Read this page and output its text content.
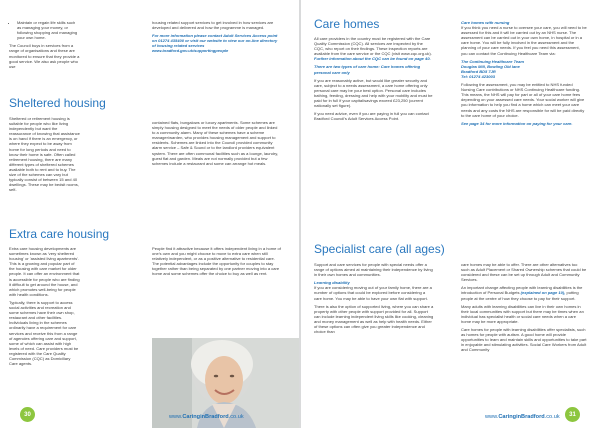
• Maintain or regain life skills such as managing your money, or following shopping and managing your own home.

The Council buys in services from a range of organisations and these are monitored to ensure that they provide a good service. We also ask people who use

Sheltered housing

Sheltered or retirement housing is suitable for people who like living independently but want the reassurance of knowing that assistance is on hand if there is an emergency, or where they expect to be away from home for long periods and need to know their home is safe. Often called retirement housing, there are many different types of sheltered schemes available both to rent and to buy. The size of the schemes can vary but typically consist of between 15 and 40 dwellings. These may be bedsit rooms, self-

Extra care housing

Extra care housing developments are sometimes known as 'very sheltered housing' or 'assisted living apartments'. This is a growing and popular part of the housing with care market for older people. It can offer an environment that is accessible for people who are finding it difficult to get around the house, and which promotes well-being for people with health conditions.

Typically, there is support to access social activities and recreation and some schemes have their own shop, restaurant and other facilities. Individuals living in the schemes ordinarily have a requirement for care services and receive this from a range of agencies offering care and support, some of which can assist with high levels of need. Care providers must be registered with the Care Quality Commission (CQC) as Domiciliary Care agents.

housing related support services to get involved in how services are developed and delivered and how the programme is managed.

For more information please contact Adult Services Access point on 01274 435400 or visit our website to view our on-line directory of housing related services www.bradford.gov.uk/supportingpeople

contained flats, bungalows or luxury apartments. Some schemes are simply housing designed to meet the needs of older people and linked to a community alarm. Many of these schemes have a scheme manager/warden, who provides housing management and support to residents. Schemes are linked into the Council provided community alarm service – Safe & Sound or to the landlord providers equivalent system. There are often communal facilities such as a lounge, laundry, guest flat and garden. Meals are not normally provided but a few schemes include a restaurant and some can arrange hot meals.

People find it attractive because it offers independent living in a home of one's own and you might choose to move to extra care when still relatively independent, or as a positive alternative to residential care. The potential advantages include the opportunity for couples to stay together rather than being separated by one partner moving into a care home and some schemes offer the choice to buy as well as rent.

30	www.CaringinBradford.co.uk
Care homes

All care providers in the country must be registered with the Care Quality Commission (CQC). All services are inspected by the CQC, who report on their findings. These inspection reports are available from the care service or the CQC (visit www.cqc.org.uk). Further information about the CQC can be found on page 40.

There are two types of care home: Care homes offering personal care only

If you are reasonably active, but would like greater security and care, subject to a needs assessment, a care home offering only personal care may be your best option. Personal care includes bathing, feeding, dressing and help with your mobility and must be paid for in full if your capital/savings exceed £23,250 (current nationally set figure).

If you need advice, even if you are paying in full you can contact Bradford Council's Adult Services Access Point.

Care homes with nursing

If you think you need a nurse to oversee your care, you will need to be assessed for this and it will be carried out by an NHS nurse. The assessment can be carried out in your own home, in hospital or in a care home. You will be fully involved in the assessment and the planning of your care needs. If you feel you need this assessment, you can contact the Continuing Healthcare Team via:

The Continuing Healthcare Team
Douglas Mill, Bowling Old lane
Bradford BD5 7JR
Tel: 01274 423003

Following the assessment, you may be entitled to NHS funded Nursing Care contributions or NHS Continuing Healthcare funding. This means, the NHS will pay for part or all of your care home fees depending on your assessed care needs. Your social worker will give you information to help you find a home which can meet your care needs and any costs the NHS are responsible for will be paid directly to the care home of your choice.

See page 34 for more information on paying for your care.

Specialist care (all ages)

Support and care services for people with special needs offer a range of options aimed at maintaining their independence by living in their own homes and communities.

Learning disability

If you are considering moving out of your family home, there are a number of options that could be explored before considering a care home. You may be able to have your own flat with support.

There is also the option of supported living, where you can share a property with other people with support provided for all. Support can include learning independent living skills like cooking, cleaning and money management as well as help with health needs. Either of these options can often give you greater independence and choice than

care homes may be able to offer. There are other alternatives too such as Adult Placement or Shared Ownership schemes that could be considered and these can be set up through Adult and Community Services.

An important change affecting people with learning disabilities is the introduction of Personal Budgets (explained on page 10), putting people at the centre of how they choose to pay for their support.

Many adults with learning disabilities can live in their own homes in their local communities with support but there may be times when an individual has specialist health or social care needs when a care home may be more appropriate.

Care homes for people with learning disabilities offer specialists, such as homes for people with autism. A good home will provide opportunities to learn and maintain skills and opportunities to take part in enjoyable and stimulating activities. Social Care Workers from Adult and Community

www.CaringinBradford.co.uk	31
